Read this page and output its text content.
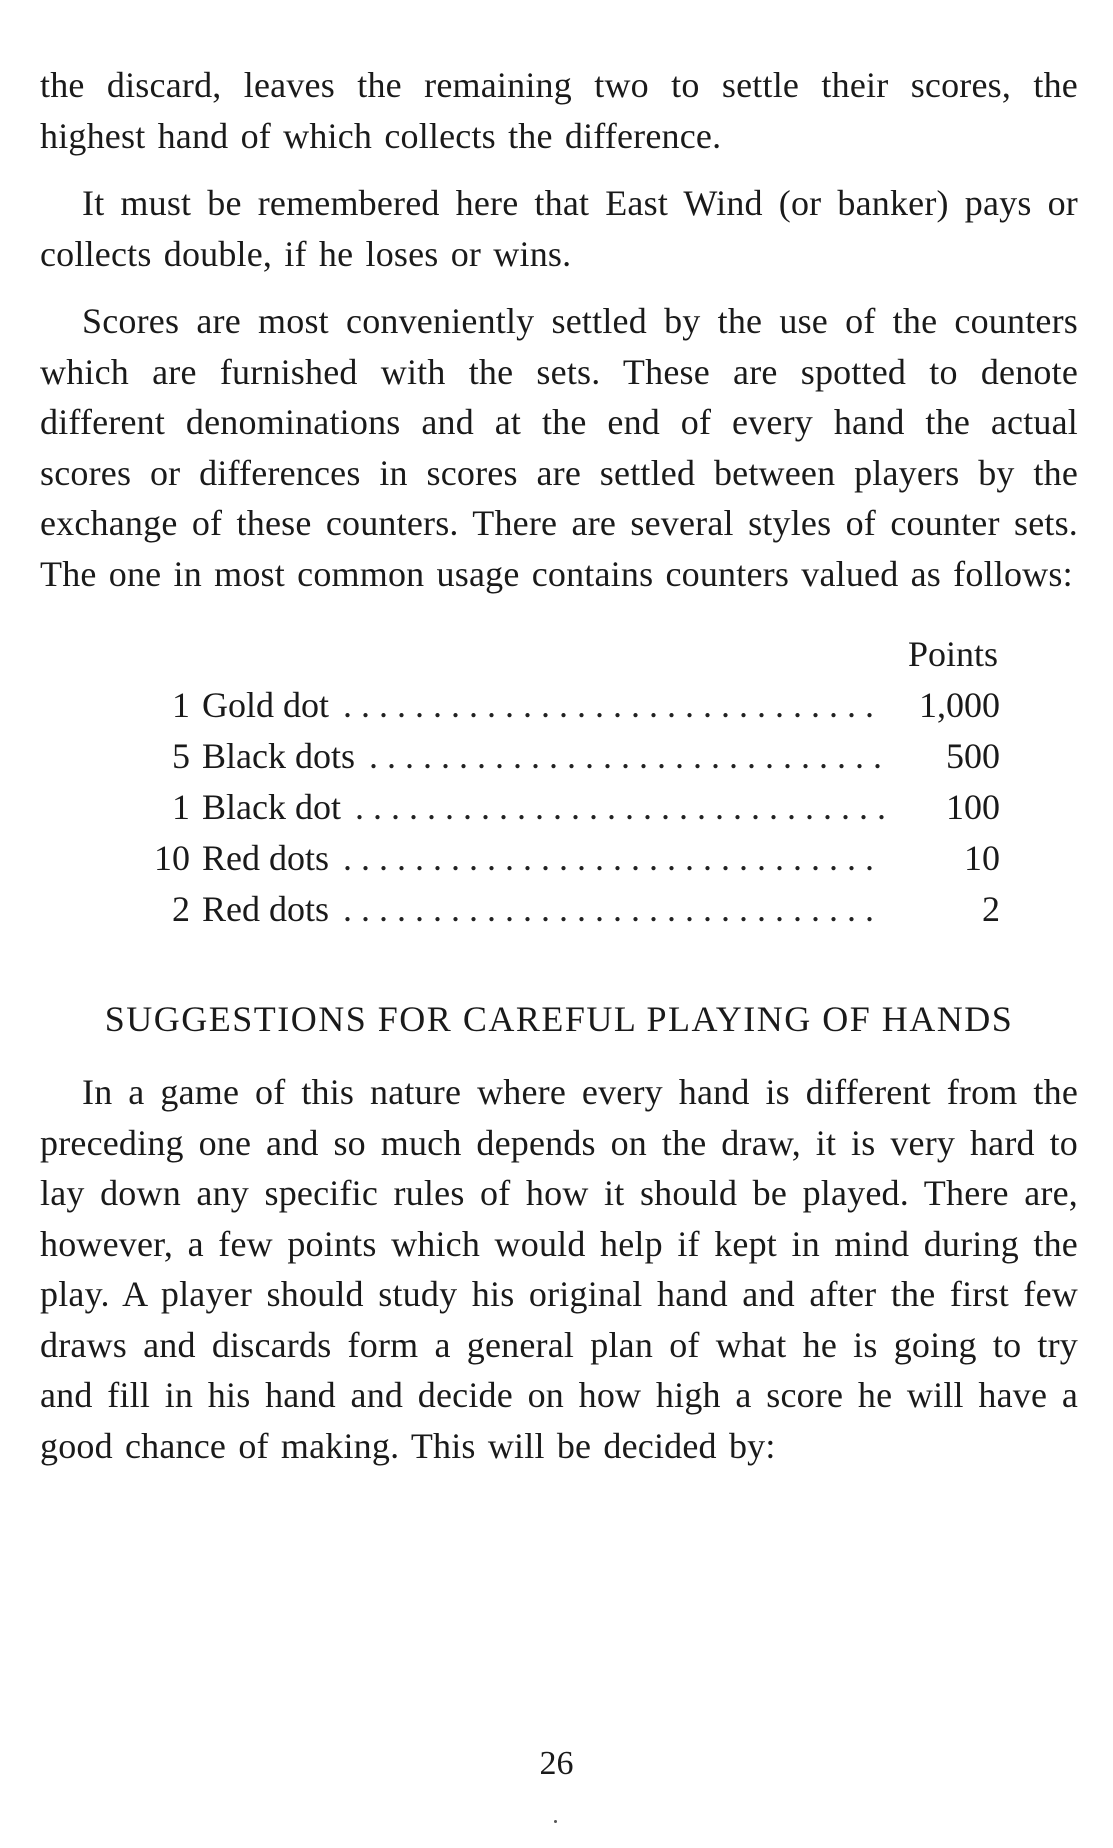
the discard, leaves the remaining two to settle their scores, the highest hand of which collects the difference.

It must be remembered here that East Wind (or banker) pays or collects double, if he loses or wins.

Scores are most conveniently settled by the use of the counters which are furnished with the sets. These are spotted to denote different denominations and at the end of every hand the actual scores or differences in scores are settled between players by the exchange of these counters. There are several styles of counter sets. The one in most common usage contains counters valued as follows:

Points
1 Gold dot . . .	1,000
5 Black dots . . .	500
1 Black dot . . .	100
10 Red dots . . .	10
2 Red dots . . .	2
SUGGESTIONS FOR CAREFUL PLAYING OF HANDS

In a game of this nature where every hand is different from the preceding one and so much depends on the draw, it is very hard to lay down any specific rules of how it should be played. There are, however, a few points which would help if kept in mind during the play. A player should study his original hand and after the first few draws and discards form a general plan of what he is going to try and fill in his hand and decide on how high a score he will have a good chance of making. This will be decided by:

26
